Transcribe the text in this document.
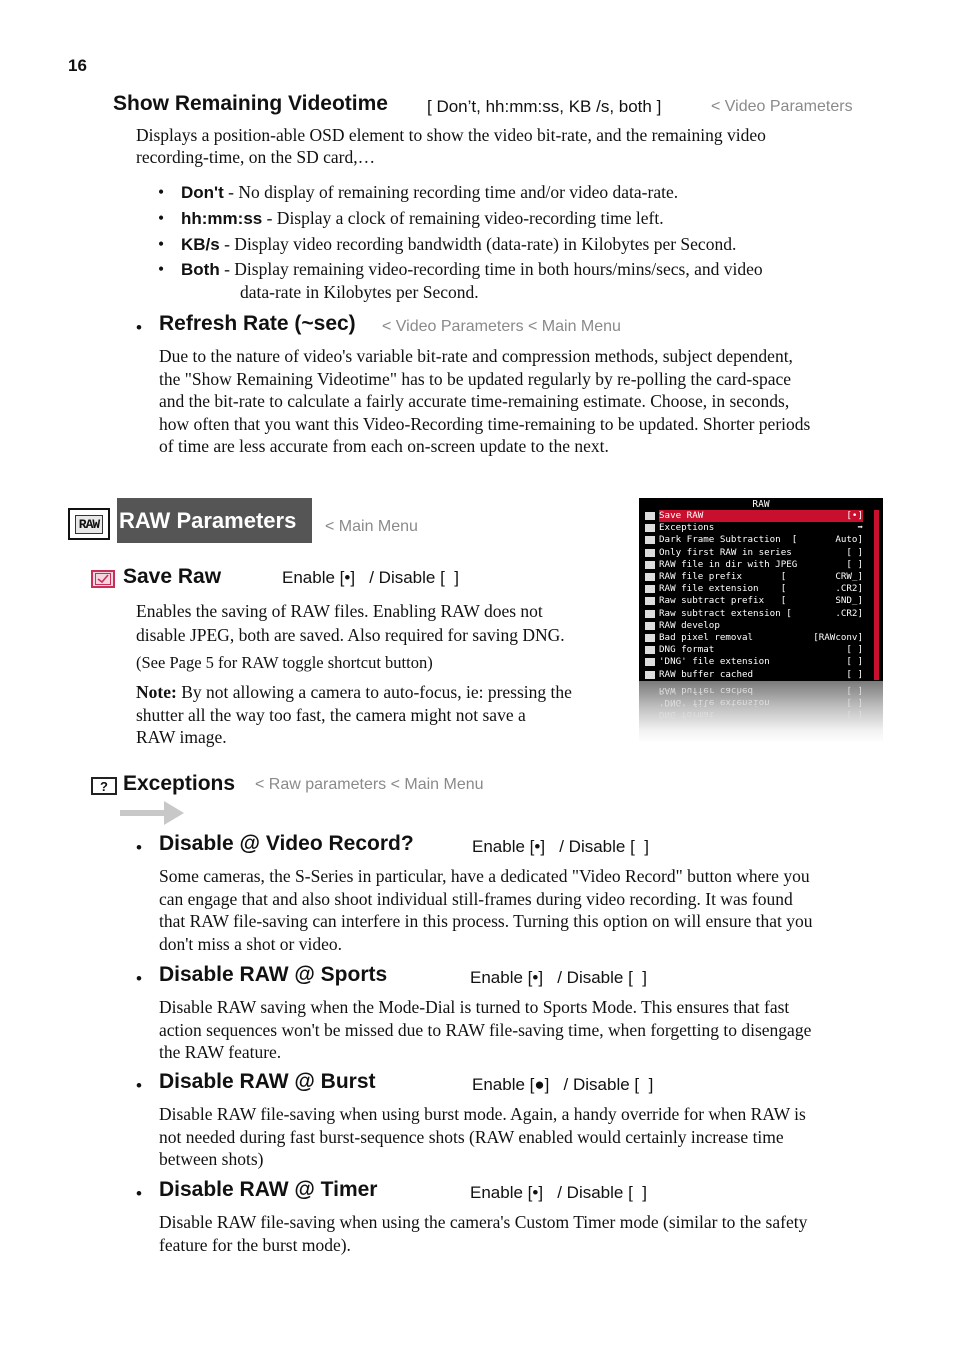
16
Show Remaining Videotime [ Don’t, hh:mm:ss, KB /s, both ]	< Video Parameters
Displays a position-able OSD element to show the video bit-rate, and the remaining video
recording-time, on the SD card,…
• Don't - No display of remaining recording time and/or video data-rate.
• hh:mm:ss - Display a clock of remaining video-recording time left.
• KB/s - Display video recording bandwidth (data-rate) in Kilobytes per Second.
• Both - Display remaining video-recording time in both hours/mins/secs, and video
data-rate in Kilobytes per Second.
• Refresh Rate (~sec) < Video Parameters < Main Menu
Due to the nature of video's variable bit-rate and compression methods, subject dependent,
the "Show Remaining Videotime" has to be updated regularly by re-polling the card-space
and the bit-rate to calculate a fairly accurate time-remaining estimate. Choose, in seconds,
how often that you want this Video-Recording time-remaining to be updated. Shorter periods
of time are less accurate from each on-screen update to the next.
RAW RAW Parameters	< Main Menu
Save Raw	Enable [•]   / Disable [  ]
Enables the saving of RAW files. Enabling RAW does not
disable JPEG, both are saved. Also required for saving DNG.
(See Page 5 for RAW toggle shortcut button)
Note: By not allowing a camera to auto-focus, ie: pressing the
shutter all the way too fast, the camera might not save a
RAW image.
RAW
Save RAW	[•]
Exceptions	➡
Dark Frame Subtraction  [	Auto]
Only first RAW in series	[ ]
RAW file in dir with JPEG	[ ]
RAW file prefix       [	CRW_]
RAW file extension    [	.CR2]
Raw subtract prefix   [	SND_]
Raw subtract extension [	.CR2]
RAW develop
Bad pixel removal	[RAWconv]
DNG format	[ ]
'DNG' file extension	[ ]
RAW buffer cached	[ ]
RAW buffer cached	[ ]
'DNG' file extension	[ ]
DNG format	[ ]
? Exceptions < Raw parameters < Main Menu
• Disable @ Video Record?	Enable [•]   / Disable [  ]
Some cameras, the S-Series in particular, have a dedicated "Video Record" button where you
can engage that and also shoot individual still-frames during video recording. It was found
that RAW file-saving can interfere in this process. Turning this option on will ensure that you
don't miss a shot or video.
• Disable RAW @ Sports	Enable [•]   / Disable [  ]
Disable RAW saving when the Mode-Dial is turned to Sports Mode. This ensures that fast
action sequences won't be missed due to RAW file-saving time, when forgetting to disengage
the RAW feature.
• Disable RAW @ Burst	Enable [●]   / Disable [  ]
Disable RAW file-saving when using burst mode. Again, a handy override for when RAW is
not needed during fast burst-sequence shots (RAW enabled would certainly increase time
between shots)
• Disable RAW @ Timer	Enable [•]   / Disable [  ]
Disable RAW file-saving when using the camera's Custom Timer mode (similar to the safety
feature for the burst mode).
